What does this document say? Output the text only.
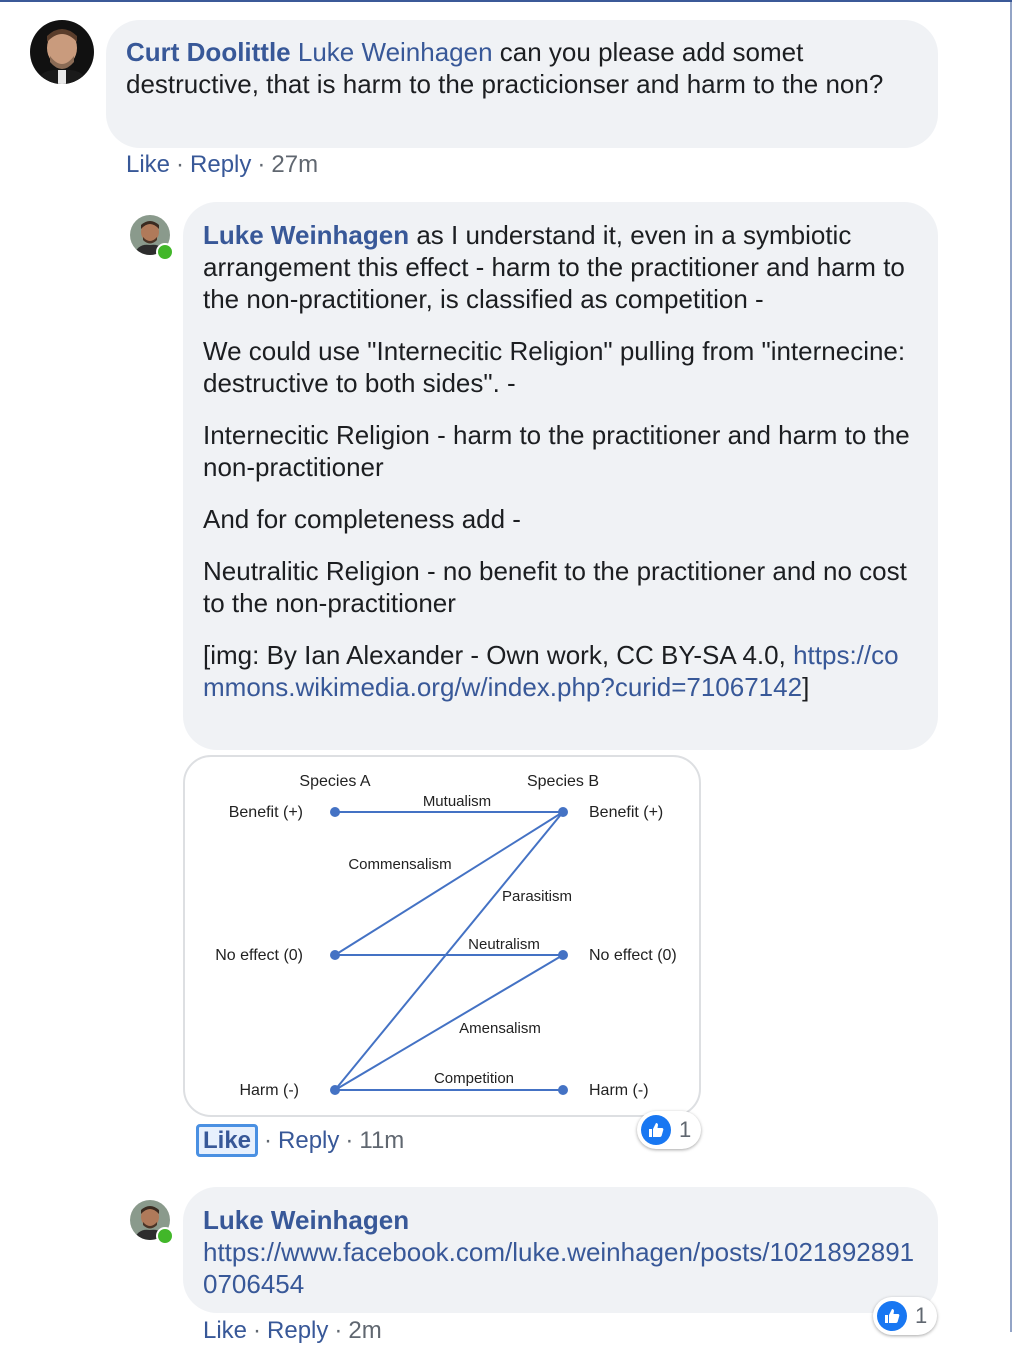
Curt Doolittle Luke Weinhagen can you please add somet destructive, that is harm to the practicionser and harm to the non?
Like · Reply · 27m

Luke Weinhagen as I understand it, even in a symbiotic arrangement this effect - harm to the practitioner and harm to the non-practitioner, is classified as competition -

We could use "Internecitic Religion" pulling from "internecine: destructive to both sides". -

Internecitic Religion - harm to the practitioner and harm to the non-practitioner

And for completeness add -

Neutralitic Religion - no benefit to the practitioner and no cost to the non-practitioner

[img: By Ian Alexander - Own work, CC BY-SA 4.0, https://commons.wikimedia.org/w/index.php?curid=71067142]

Species A	Species B
Benefit (+)	Benefit (+)
No effect (0)	No effect (0)
Harm (-)	Harm (-)
Mutualism
Commensalism
Parasitism
Neutralism
Amensalism
Competition
Like · Reply · 11m	1
Luke Weinhagen
https://www.facebook.com/luke.weinhagen/posts/10218928910706454
1
Like · Reply · 2m
